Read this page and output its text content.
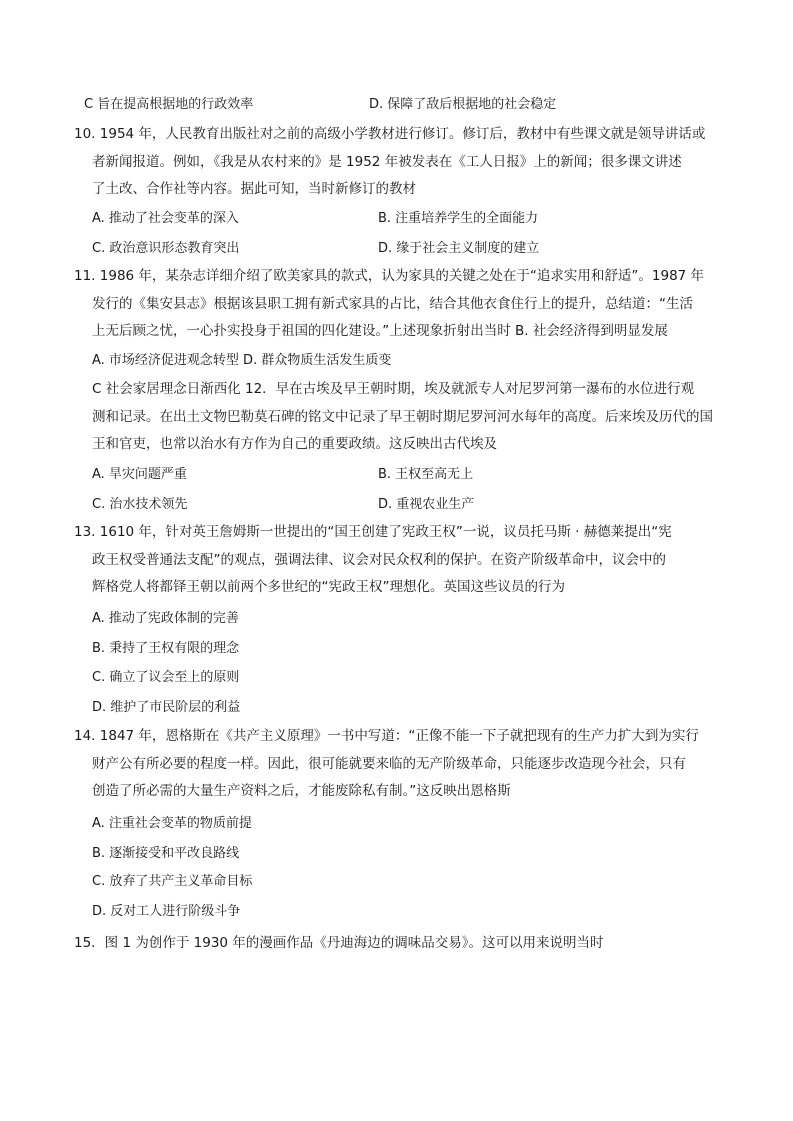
C 旨在提高根据地的行政效率	D. 保障了敌后根据地的社会稳定
10. 1954 年，人民教育出版社对之前的高级小学教材进行修订。修订后，教材中有些课文就是领导讲话或
者新闻报道。例如，《我是从农村来的》是 1952 年被发表在《工人日报》上的新闻；很多课文讲述
了土改、合作社等内容。据此可知，当时新修订的教材
A. 推动了社会变革的深入	B. 注重培养学生的全面能力
C. 政治意识形态教育突出	D. 缘于社会主义制度的建立
11. 1986 年，某杂志详细介绍了欧美家具的款式，认为家具的关键之处在于“追求实用和舒适”。1987 年
发行的《集安县志》根据该县职工拥有新式家具的占比，结合其他衣食住行上的提升，总结道：“生活
上无后顾之忧，一心扑实投身于祖国的四化建设。”上述现象折射出当时 B. 社会经济得到明显发展
A. 市场经济促进观念转型 D. 群众物质生活发生质变
C 社会家居理念日渐西化 12．早在古埃及早王朝时期，埃及就派专人对尼罗河第一瀑布的水位进行观
测和记录。在出土文物巴勒莫石碑的铭文中记录了早王朝时期尼罗河河水每年的高度。后来埃及历代的国
王和官吏，也常以治水有方作为自己的重要政绩。这反映出古代埃及
A. 旱灾问题严重	B. 王权至高无上
C. 治水技术领先	D. 重视农业生产
13. 1610 年，针对英王詹姆斯一世提出的“国王创建了宪政王权”一说，议员托马斯 · 赫德莱提出“宪
政王权受普通法支配”的观点，强调法律、议会对民众权利的保护。在资产阶级革命中，议会中的
辉格党人将都铎王朝以前两个多世纪的“宪政王权”理想化。英国这些议员的行为
A. 推动了宪政体制的完善
B. 秉持了王权有限的理念
C. 确立了议会至上的原则
D. 维护了市民阶层的利益
14. 1847 年，恩格斯在《共产主义原理》一书中写道：“正像不能一下子就把现有的生产力扩大到为实行
财产公有所必要的程度一样。因此，很可能就要来临的无产阶级革命，只能逐步改造现今社会，只有
创造了所必需的大量生产资料之后，才能废除私有制。”这反映出恩格斯
A. 注重社会变革的物质前提
B. 逐渐接受和平改良路线
C. 放弃了共产主义革命目标
D. 反对工人进行阶级斗争
15．图 1 为创作于 1930 年的漫画作品《丹迪海边的调味品交易》。这可以用来说明当时
